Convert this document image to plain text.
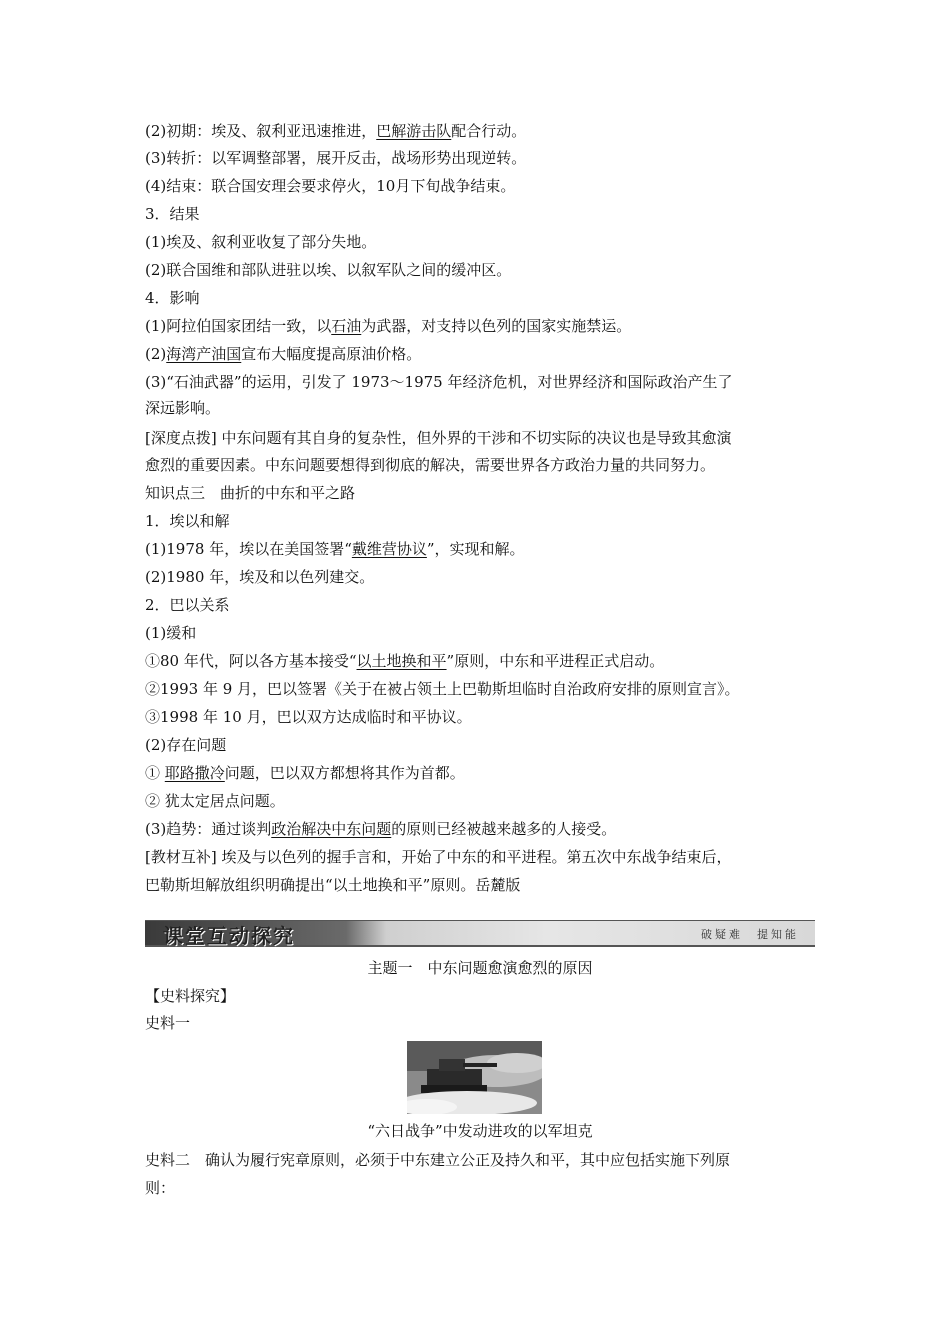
(2)初期：埃及、叙利亚迅速推进，巴解游击队配合行动。
(3)转折：以军调整部署，展开反击，战场形势出现逆转。
(4)结束：联合国安理会要求停火，10月下旬战争结束。
3．结果
(1)埃及、叙利亚收复了部分失地。
(2)联合国维和部队进驻以埃、以叙军队之间的缓冲区。
4．影响
(1)阿拉伯国家团结一致，以石油为武器，对支持以色列的国家实施禁运。
(2)海湾产油国宣布大幅度提高原油价格。
(3)“石油武器”的运用，引发了 1973～1975 年经济危机，对世界经济和国际政治产生了
深远影响。
[深度点拨] 中东问题有其自身的复杂性，但外界的干涉和不切实际的决议也是导致其愈演
愈烈的重要因素。中东问题要想得到彻底的解决，需要世界各方政治力量的共同努力。
知识点三　曲折的中东和平之路
1．埃以和解
(1)1978 年，埃以在美国签署“戴维营协议”，实现和解。
(2)1980 年，埃及和以色列建交。
2．巴以关系
(1)缓和
①80 年代，阿以各方基本接受“以土地换和平”原则，中东和平进程正式启动。
②1993 年 9 月，巴以签署《关于在被占领土上巴勒斯坦临时自治政府安排的原则宣言》。
③1998 年 10 月，巴以双方达成临时和平协议。
(2)存在问题
① 耶路撒冷问题，巴以双方都想将其作为首都。
② 犹太定居点问题。
(3)趋势：通过谈判政治解决中东问题的原则已经被越来越多的人接受。
[教材互补] 埃及与以色列的握手言和，开始了中东的和平进程。第五次中东战争结束后，
巴勒斯坦解放组织明确提出“以土地换和平”原则。岳麓版
课堂互动探究	破疑难　提知能
主题一　中东问题愈演愈烈的原因
【史料探究】
史料一
“六日战争”中发动进攻的以军坦克
史料二　确认为履行宪章原则，必须于中东建立公正及持久和平，其中应包括实施下列原
则：
